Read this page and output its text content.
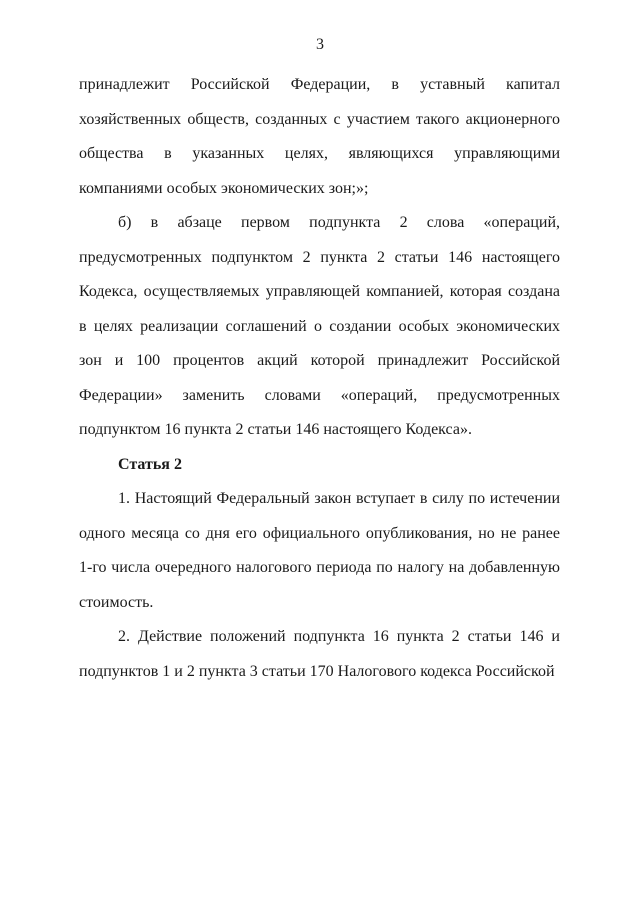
3

принадлежит Российской Федерации, в уставный капитал хозяйственных обществ, созданных с участием такого акционерного общества в указанных целях, являющихся управляющими компаниями особых экономических зон;»;

б) в абзаце первом подпункта 2 слова «операций, предусмотренных подпунктом 2 пункта 2 статьи 146 настоящего Кодекса, осуществляемых управляющей компанией, которая создана в целях реализации соглашений о создании особых экономических зон и 100 процентов акций которой принадлежит Российской Федерации» заменить словами «операций, предусмотренных подпунктом 16 пункта 2 статьи 146 настоящего Кодекса».

Статья 2

1. Настоящий Федеральный закон вступает в силу по истечении одного месяца со дня его официального опубликования, но не ранее 1-го числа очередного налогового периода по налогу на добавленную стоимость.

2. Действие положений подпункта 16 пункта 2 статьи 146 и подпунктов 1 и 2 пункта 3 статьи 170 Налогового кодекса Российской
